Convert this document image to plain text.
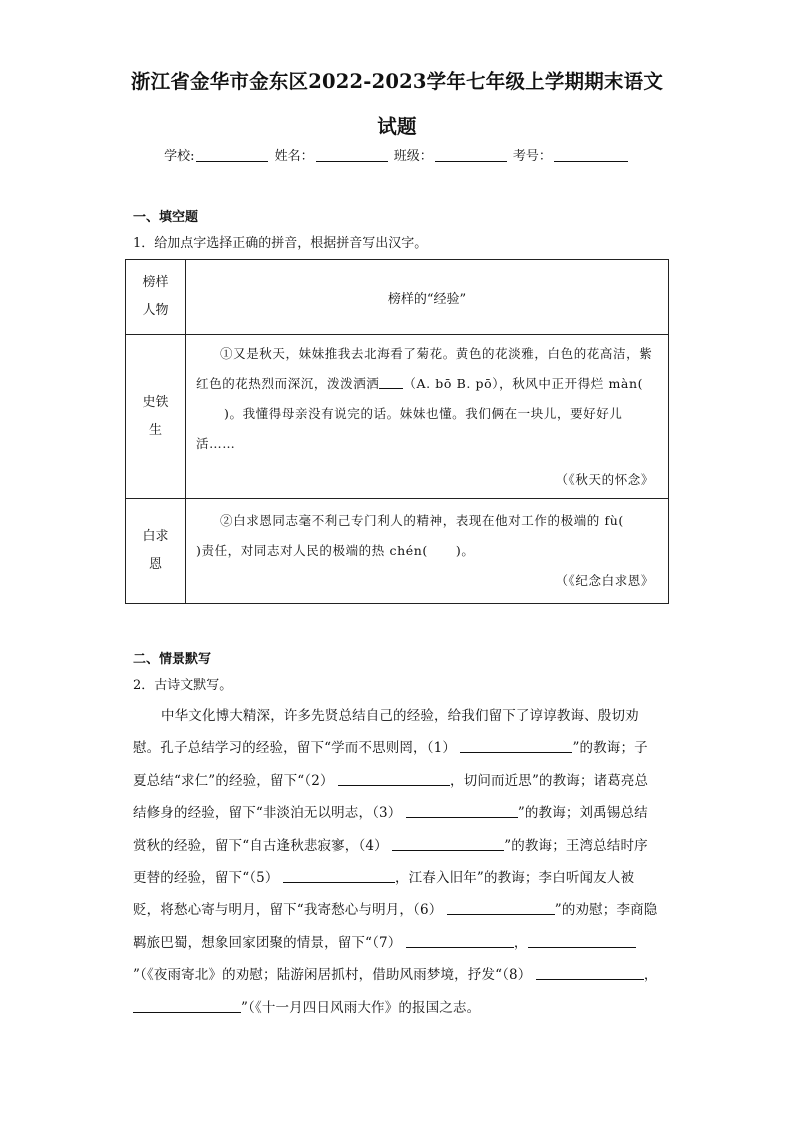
浙江省金华市金东区2022-2023学年七年级上学期期末语文
试题
学校:	姓名：	班级：	考号：
一、填空题
1．给加点字选择正确的拼音，根据拼音写出汉字。
榜样人物	榜样的“经验”

史铁生	①又是秋天，妹妹推我去北海看了菊花。黄色的花淡雅，白色的花高洁，紫红色的花热烈而深沉，泼泼洒洒 （A. bō B. pō），秋风中正开得烂 màn()。我懂得母亲没有说完的话。妹妹也懂。我们俩在一块儿，要好好儿活……

（《秋天的怀念》

白求恩	②白求恩同志毫不利己专门利人的精神，表现在他对工作的极端的 fù()责任，对同志对人民的极端的热 chén( )。

（《纪念白求恩》

二、情景默写
2．古诗文默写。

中华文化博大精深，许多先贤总结自己的经验，给我们留下了谆谆教诲、殷切劝慰。孔子总结学习的经验，留下“学而不思则罔，（1）	”的教诲；子夏总结“求仁”的经验，留下“（2）	，切问而近思”的教诲；诸葛亮总结修身的经验，留下“非淡泊无以明志，（3）	”的教诲；刘禹锡总结赏秋的经验，留下“自古逢秋悲寂寥，（4）	”的教诲；王湾总结时序更替的经验，留下“（5）	，江春入旧年”的教诲；李白听闻友人被贬，将愁心寄与明月，留下“我寄愁心与明月，（6）	”的劝慰；李商隐羁旅巴蜀，想象回家团聚的情景，留下“（7）	，”（《夜雨寄北》的劝慰；陆游闲居抓村，借助风雨梦境，抒发“（8）	，”（《十一月四日风雨大作》的报国之志。
